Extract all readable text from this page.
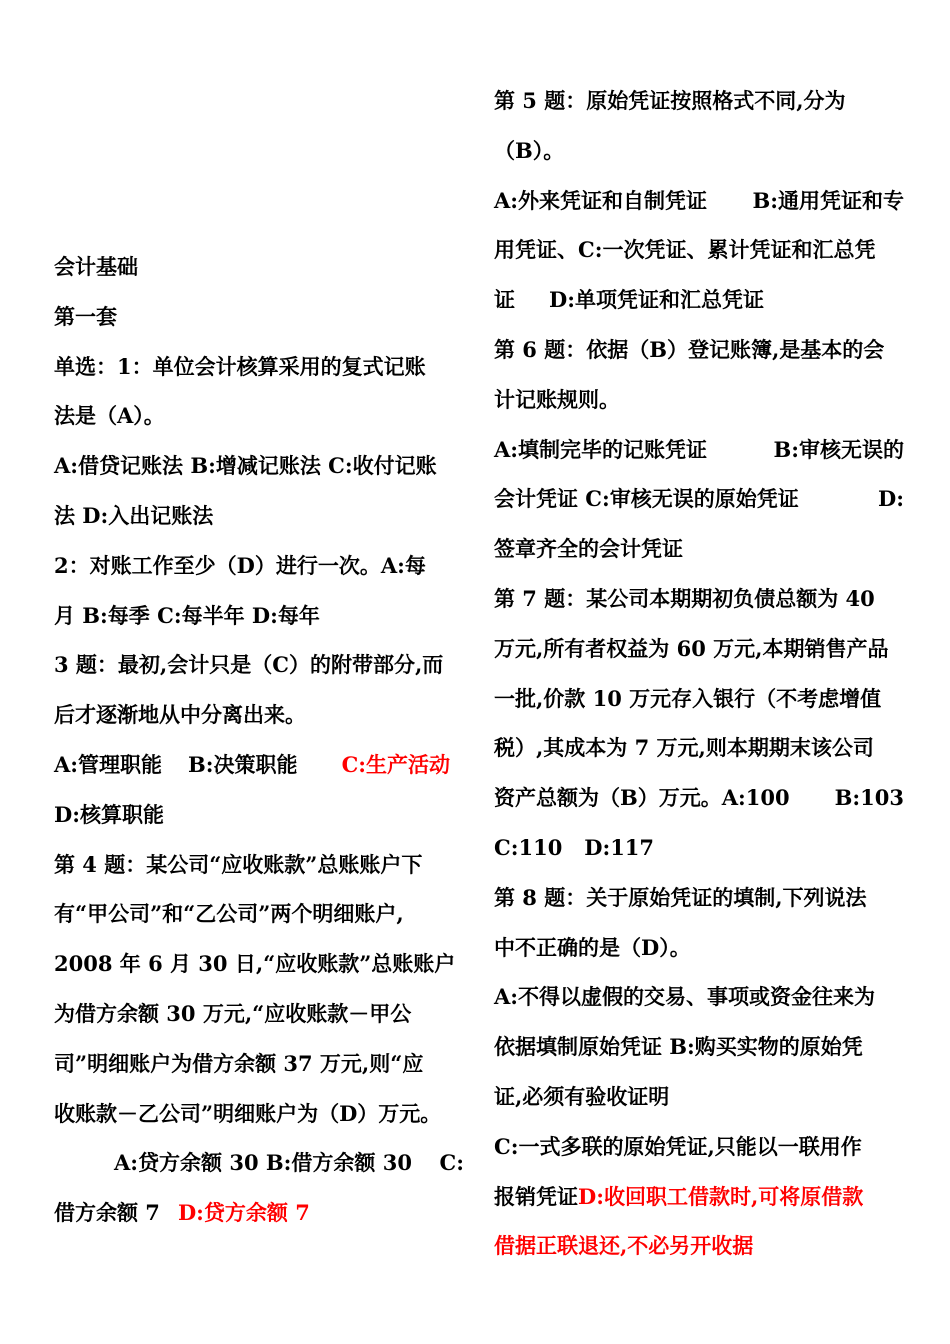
会计基础

第一套

单选：1：单位会计核算采用的复式记账

法是（A）。

A:借贷记账法 B:增减记账法 C:收付记账

法 D:入出记账法

2：对账工作至少（D）进行一次。A:每

月 B:每季 C:每半年 D:每年

3 题：最初,会计只是（C）的附带部分,而

后才逐渐地从中分离出来。

A:管理职能 B:决策职能 C:生产活动

D:核算职能

第 4 题：某公司“应收账款”总账账户下

有“甲公司”和“乙公司”两个明细账户,

2008 年 6 月 30 日,“应收账款”总账账户

为借方余额 30 万元,“应收账款－甲公

司”明细账户为借方余额 37 万元,则“应

收账款－乙公司”明细账户为（D）万元。

A:贷方余额 30 B:借方余额 30 C:

借方余额 7 D:贷方余额 7

第 5 题：原始凭证按照格式不同,分为

（B）。

A:外来凭证和自制凭证 B:通用凭证和专

用凭证、C:一次凭证、累计凭证和汇总凭

证 D:单项凭证和汇总凭证

第 6 题：依据（B）登记账簿,是基本的会

计记账规则。

A:填制完毕的记账凭证	B:审核无误的

会计凭证 C:审核无误的原始凭证	D:

签章齐全的会计凭证

第 7 题：某公司本期期初负债总额为 40

万元,所有者权益为 60 万元,本期销售产品

一批,价款 10 万元存入银行（不考虑增值

税）,其成本为 7 万元,则本期期末该公司

资产总额为（B）万元。A:100 B:103

C:110   D:117

第 8 题：关于原始凭证的填制,下列说法

中不正确的是（D）。

A:不得以虚假的交易、事项或资金往来为

依据填制原始凭证 B:购买实物的原始凭

证,必须有验收证明

C:一式多联的原始凭证,只能以一联用作

报销凭证D:收回职工借款时,可将原借款

借据正联退还,不必另开收据
